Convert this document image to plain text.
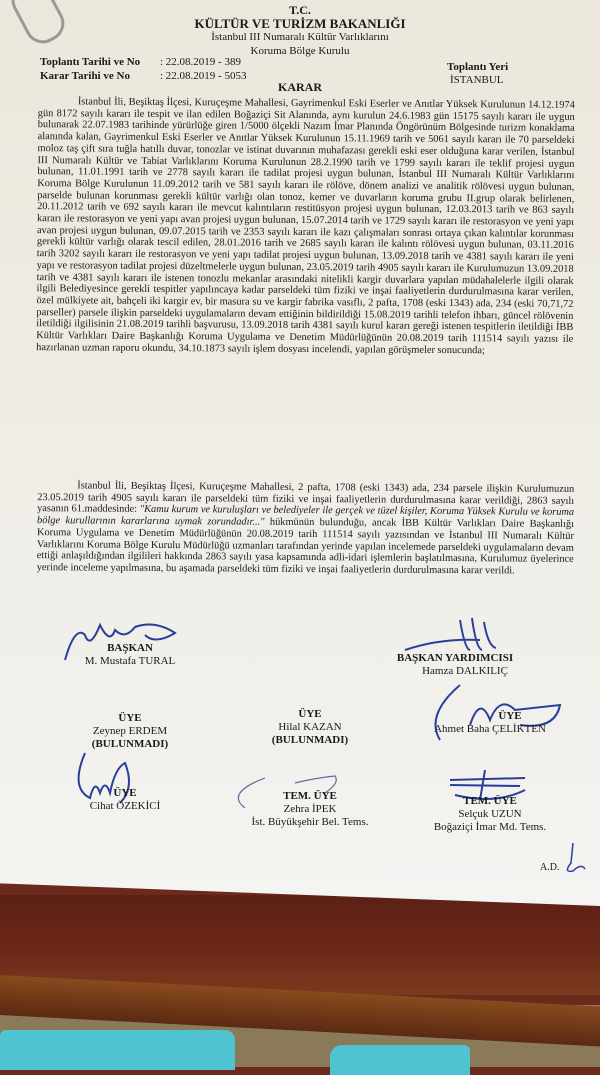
T.C.
KÜLTÜR VE TURİZM BAKANLIĞI
İstanbul III Numaralı Kültür Varlıklarını
Koruma Bölge Kurulu
Toplantı Tarihi ve No : 22.08.2019 - 389
Karar Tarihi ve No	: 22.08.2019 - 5053
Toplantı Yeri
İSTANBUL
KARAR
İstanbul İli, Beşiktaş İlçesi, Kuruçeşme Mahallesi, Gayrimenkul Eski Eserler ve Anıtlar Yüksek Kurulunun 14.12.1974 gün 8172 sayılı kararı ile tespit ve ilan edilen Boğaziçi Sit Alanında, aynı kurulun 24.6.1983 gün 15175 sayılı kararı ile uygun bulunarak 22.07.1983 tarihinde yürürlüğe giren 1/5000 ölçekli Nazım İmar Planında Öngörünüm Bölgesinde turizm konaklama alanında kalan, Gayrimenkul Eski Eserler ve Anıtlar Yüksek Kurulunun 15.11.1969 tarih ve 5061 sayılı kararı ile 70 parseldeki moloz taş çift sıra tuğla hatıllı duvar, tonozlar ve istinat duvarının muhafazası gerekli eski eser olduğuna karar verilen, İstanbul III Numaralı Kültür ve Tabiat Varlıklarını Koruma Kurulunun 28.2.1990 tarih ve 1799 sayılı kararı ile teklif projesi uygun bulunan, 11.01.1991 tarih ve 2778 sayılı kararı ile tadilat projesi uygun bulunan, İstanbul III Numaralı Kültür Varlıklarını Koruma Bölge Kurulunun 11.09.2012 tarih ve 581 sayılı kararı ile rölöve, dönem analizi ve analitik rölövesi uygun bulunan, parselde bulunan korunması gerekli kültür varlığı olan tonoz, kemer ve duvarların koruma grubu II.grup olarak belirlenen, 20.11.2012 tarih ve 692 sayılı kararı ile mevcut kalıntıların restitüsyon projesi uygun bulunan, 12.03.2013 tarih ve 863 sayılı kararı ile restorasyon ve yeni yapı avan projesi uygun bulunan, 15.07.2014 tarih ve 1729 sayılı kararı ile restorasyon ve yeni yapı avan projesi uygun bulunan, 09.07.2015 tarih ve 2353 sayılı kararı ile kazı çalışmaları sonrası ortaya çıkan kalıntılar korunması gerekli kültür varlığı olarak tescil edilen, 28.01.2016 tarih ve 2685 sayılı kararı ile kalıntı rölövesi uygun bulunan, 03.11.2016 tarih 3202 sayılı kararı ile restorasyon ve yeni yapı tadilat projesi uygun bulunan, 13.09.2018 tarih ve 4381 sayılı kararı ile yeni yapı ve restorasyon tadilat projesi düzeltmelerle uygun bulunan, 23.05.2019 tarih 4905 sayılı kararı ile Kurulumuzun 13.09.2018 tarih ve 4381 sayılı kararı ile istenen tonozlu mekanlar arasındaki nitelikli kargir duvarlara yapılan müdahalelerle ilgili olarak ilgili Belediyesince gerekli tespitler yapılıncaya kadar parseldeki tüm fiziki ve inşai faaliyetlerin durdurulmasına karar verilen, özel mülkiyete ait, bahçeli iki kargir ev, bir masura su ve kargir fabrika vasıflı, 2 pafta, 1708 (eski 1343) ada, 234 (eski 70,71,72 parseller) parsele ilişkin parseldeki uygulamaların devam ettiğinin bildirildiği 15.08.2019 tarihli telefon ihbarı, güncel rölövenin iletildiği ilgilisinin 21.08.2019 tarihli başvurusu, 13.09.2018 tarih 4381 sayılı kurul kararı gereği istenen tespitlerin iletildiği İBB Kültür Varlıkları Daire Başkanlığı Koruma Uygulama ve Denetim Müdürlüğünün 20.08.2019 tarih 111514 sayılı yazısı ile hazırlanan uzman raporu okundu, 34.10.1873 sayılı işlem dosyası incelendi, yapılan görüşmeler sonucunda;
İstanbul İli, Beşiktaş İlçesi, Kuruçeşme Mahallesi, 2 pafta, 1708 (eski 1343) ada, 234 parsele ilişkin Kurulumuzun 23.05.2019 tarih 4905 sayılı kararı ile parseldeki tüm fiziki ve inşai faaliyetlerin durdurulmasına karar verildiği, 2863 sayılı yasanın 61.maddesinde: "Kamu kurum ve kuruluşları ve belediyeler ile gerçek ve tüzel kişiler, Koruma Yüksek Kurulu ve koruma bölge kurullarının kararlarına uymak zorundadır..." hükmünün bulunduğu, ancak İBB Kültür Varlıkları Daire Başkanlığı Koruma Uygulama ve Denetim Müdürlüğünün 20.08.2019 tarih 111514 sayılı yazısından ve İstanbul III Numaralı Kültür Varlıklarını Koruma Bölge Kurulu Müdürlüğü uzmanları tarafından yerinde yapılan incelemede parseldeki uygulamaların devam ettiği anlaşıldığından ilgilileri hakkında 2863 sayılı yasa kapsamında adli-idari işlemlerin başlatılmasına, Kurulumuz üyelerince yerinde inceleme yapılmasına, bu aşamada parseldeki tüm fiziki ve inşai faaliyetlerin durdurulmasına karar verildi.
BAŞKAN
M. Mustafa TURAL	BAŞKAN YARDIMCISI
Hamza DALKILIÇ
ÜYE
Zeynep ERDEM
(BULUNMADI)
ÜYE
Hilal KAZAN
(BULUNMADI)
ÜYE
Ahmet Baha ÇELİKTEN
ÜYE
Cihat ÖZEKİCİ
TEM. ÜYE
Zehra İPEK
İst. Büyükşehir Bel. Tems.
TEM. ÜYE
Selçuk UZUN
Boğaziçi İmar Md. Tems.
A.D.
